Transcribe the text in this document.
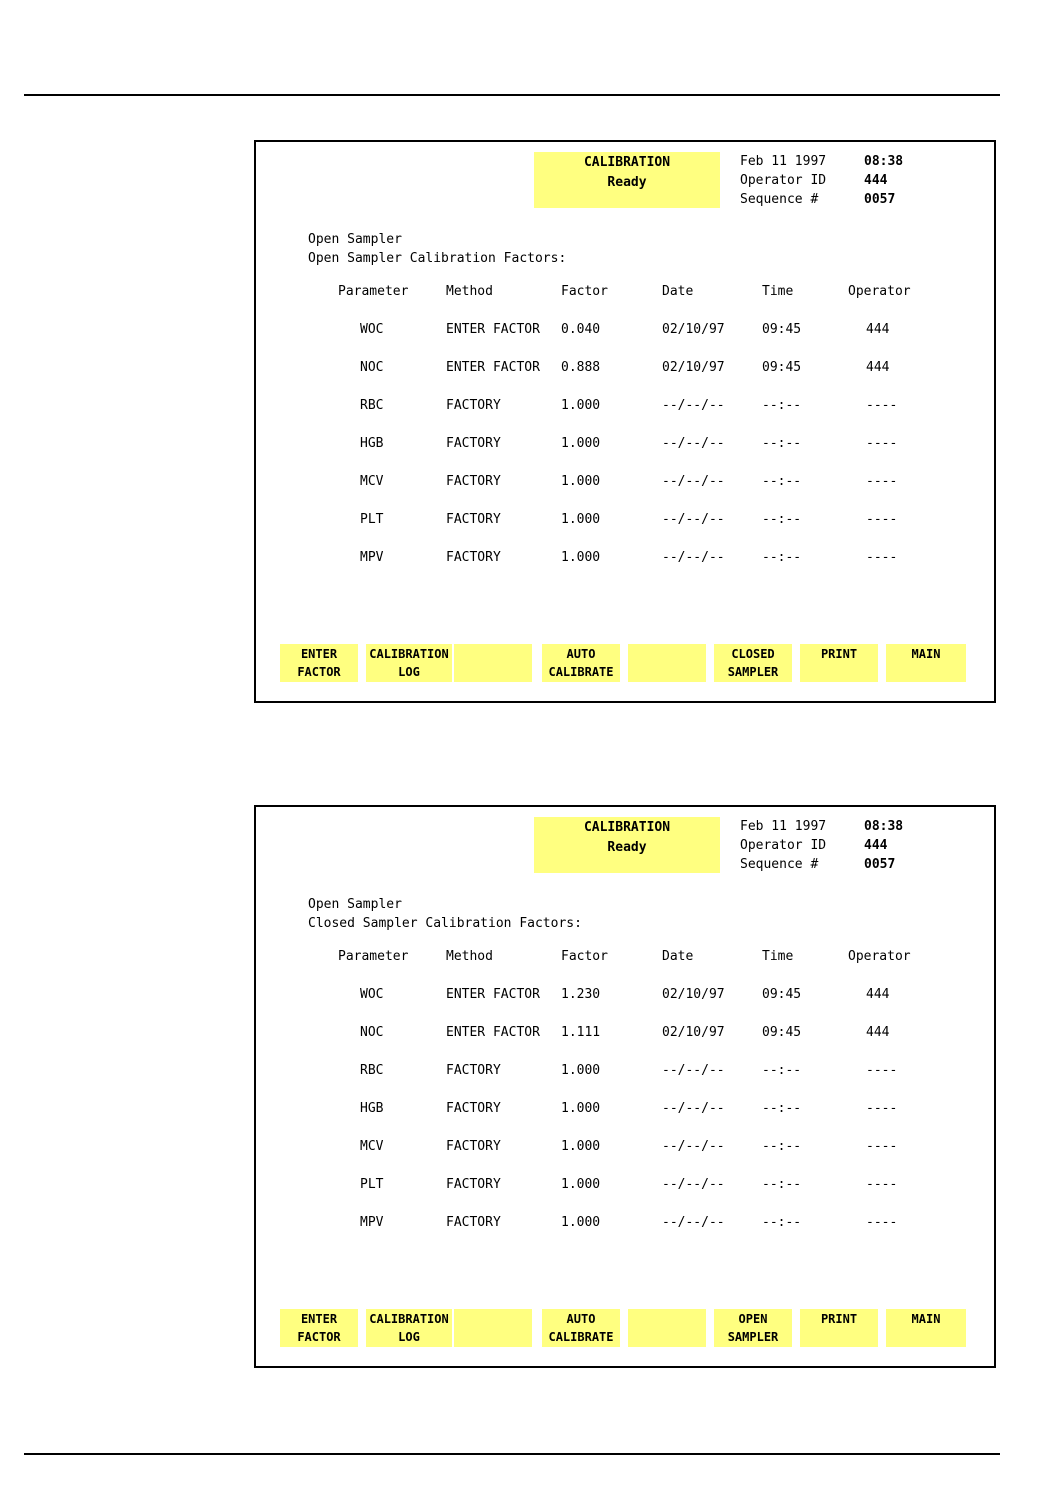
CALIBRATION
Ready
Feb 11 1997
Operator ID
Sequence #
08:38
444
0057
Open Sampler
Open Sampler Calibration Factors:
Parameter	Method	Factor	Date	Time	Operator
WOC	ENTER FACTOR 0.040	02/10/97	09:45	444
NOC	ENTER FACTOR 0.888	02/10/97	09:45	444
RBC	FACTORY	1.000	--/--/--	--:--	----
HGB	FACTORY	1.000	--/--/--	--:--	----
MCV	FACTORY	1.000	--/--/--	--:--	----
PLT	FACTORY	1.000	--/--/--	--:--	----
MPV	FACTORY	1.000	--/--/--	--:--	----
ENTER
FACTOR
CALIBRATION
LOG
AUTO
CALIBRATE
CLOSED
SAMPLER
PRINT	MAIN
CALIBRATION
Ready
Feb 11 1997
Operator ID
Sequence #
08:38
444
0057
Open Sampler
Closed Sampler Calibration Factors:
Parameter	Method	Factor	Date	Time	Operator
WOC	ENTER FACTOR 1.230	02/10/97	09:45	444
NOC	ENTER FACTOR 1.111	02/10/97	09:45	444
RBC	FACTORY	1.000	--/--/--	--:--	----
HGB	FACTORY	1.000	--/--/--	--:--	----
MCV	FACTORY	1.000	--/--/--	--:--	----
PLT	FACTORY	1.000	--/--/--	--:--	----
MPV	FACTORY	1.000	--/--/--	--:--	----
ENTER
FACTOR
CALIBRATION
LOG
AUTO
CALIBRATE
OPEN
SAMPLER
PRINT	MAIN
